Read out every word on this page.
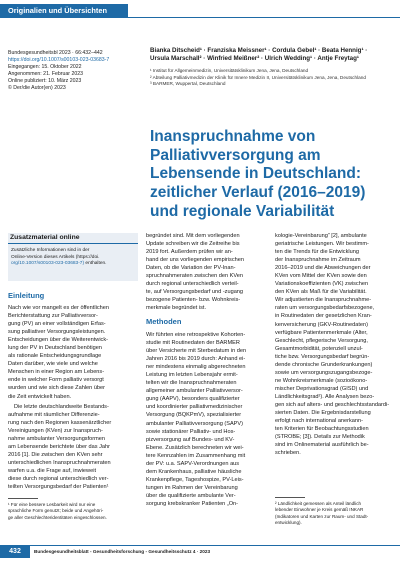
Originalien und Übersichten
Bundesgesundheitsbl 2023 · 66:432–442
https://doi.org/10.1007/s00103-023-03683-7
Eingegangen: 15. Oktober 2022
Angenommen: 21. Februar 2023
Online publiziert: 10. März 2023
© Der/die Autor(en) 2023
Bianka Ditscheid¹ · Franziska Meissner¹ · Cordula Gebel¹ · Beata Hennig¹ ·
Ursula Marschall² · Winfried Meißner² · Ulrich Wedding¹ · Antje Freytag¹
¹ Institut für Allgemeinmedizin, Universitätsklinikum Jena, Jena, Deutschland
² Abteilung Palliativmedizin der Klinik für Innere Medizin II, Universitätsklinikum Jena, Jena, Deutschland
³ BARMER, Wuppertal, Deutschland
Inanspruchnahme von
Palliativversorgung am
Lebensende in Deutschland:
zeitlicher Verlauf (2016–2019)
und regionale Variabilität
Zusatzmaterial online
Zusätzliche Informationen sind in der
Online-Version dieses Artikels (https://doi.
org/10.1007/s00103-023-03683-7) enthalten.
Einleitung
Nach wie vor mangelt es der öffentlichen
Berichterstattung zur Palliativversor-
gung (PV) an einer vollständigen Erfas-
sung palliativer Versorgungsleistungen.
Entscheidungen über die Weiterentwick-
lung der PV in Deutschland benötigen
als rationale Entscheidungsgrundlage
Daten darüber, wie viele und welche
Menschen in einer Region am Lebens-
ende in welcher Form palliativ versorgt
wurden und wie sich diese Zahlen über
die Zeit entwickelt haben.
Die letzte deutschlandweite Bestands-
aufnahme mit räumlicher Differenzie-
rung nach den Regionen kassenärztlicher
Vereinigungen (KVen) zur Inanspruch-
nahme ambulanter Versorgungsformen
am Lebensende berichtete über das Jahr
2016 [1]. Die zwischen den KVen sehr
unterschiedlichen Inanspruchnahmeraten
warfen u.a. die Frage auf, inwieweit
diese durch regional unterschiedlich ver-
teilten Versorgungsbedarf der Patienten¹
¹ Für eine bessere Lesbarkeit wird nur eine
sprachliche Form genutzt; beide und Angehöri-
ge aller Geschlechteridentitäten eingeschlossen.
begründet sind. Mit dem vorliegenden
Update schreiben wir die Zeitreihe bis
2019 fort. Außerdem prüfen wir an-
hand der uns vorliegenden empirischen
Daten, ob die Variation der PV-Inan-
spruchnahmeraten zwischen den KVen
durch regional unterschiedlich verteil-
te, auf Versorgungsbedarf und -zugang
bezogene Patienten- bzw. Wohnkreis-
merkmale begründet ist.
Methoden
Wir führten eine retrospektive Kohorten-
studie mit Routinedaten der BARMER
über Versicherte mit Sterbedatum in den
Jahren 2016 bis 2019 durch: Anhand ei-
ner mindestens einmalig abgerechneten
Leistung im letzten Lebensjahr ermit-
telten wir die Inanspruchnahmeraten
allgemeiner ambulanter Palliativversor-
gung (AAPV), besonders qualifizierter
und koordinierter palliativmedizinischer
Versorgung (BQKPmV), spezialisierter
ambulanter Palliativversorgung (SAPV)
sowie stationärer Palliativ- und Hos-
pizversorgung auf Bundes- und KV-
Ebene. Zusätzlich berechneten wir wei-
tere Kennzahlen im Zusammenhang mit
der PV: u.a. SAPV-Verordnungen aus
dem Krankenhaus, palliative häusliche
Krankenpflege, Tageshospize, PV-Leis-
tungen im Rahmen der Vereinbarung
über die qualifizierte ambulante Ver-
sorgung krebskranker Patienten „On-
kologie-Vereinbarung“ [2], ambulante
geriatrische Leistungen. Wir bestimm-
ten die Trends für die Entwicklung
der Inanspruchnahme im Zeitraum
2016–2019 und die Abweichungen der
KVen vom Mittel der KVen sowie den
Variationskoeffizienten (VK) zwischen
den KVen als Maß für die Variabilität.
Wir adjustierten die Inanspruchnahme-
raten um versorgungsbedarfsbezogene,
in Routinedaten der gesetzlichen Kran-
kenversicherung (GKV-Routinedaten)
verfügbare Patientenmerkmale (Alter,
Geschlecht, pflegerische Versorgung,
Gesamtmorbidität, potenziell unzul-
tiche bzw. Versorgungsbedarf begrün-
dende chronische Grunderkrankungen)
sowie um versorgungszugangsbezoge-
ne Wohnkreismerkmale (sozioökono-
mischer Deprivationsgrad (GISD) und
Ländlichkeitsgrad²). Alle Analysen bezo-
gen sich auf alters- und geschlechtsstandardi-
sierten Daten. Die Ergebnisdarstellung
erfolgt nach international anerkann-
ten Kriterien für Beobachtungsstudien
(STROBE; [3]). Details zur Methodik
sind im Onlinematerial ausführlich be-
schrieben.
² Ländlichkeit gemessen als Anteil ländlich
lebender Einwohner je Kreis gemäß INKAR
(Indikatoren und Karten zur Raum- und Stadt-
entwicklung).
432	Bundesgesundheitsblatt - Gesundheitsforschung - Gesundheitsschutz 4 · 2023
